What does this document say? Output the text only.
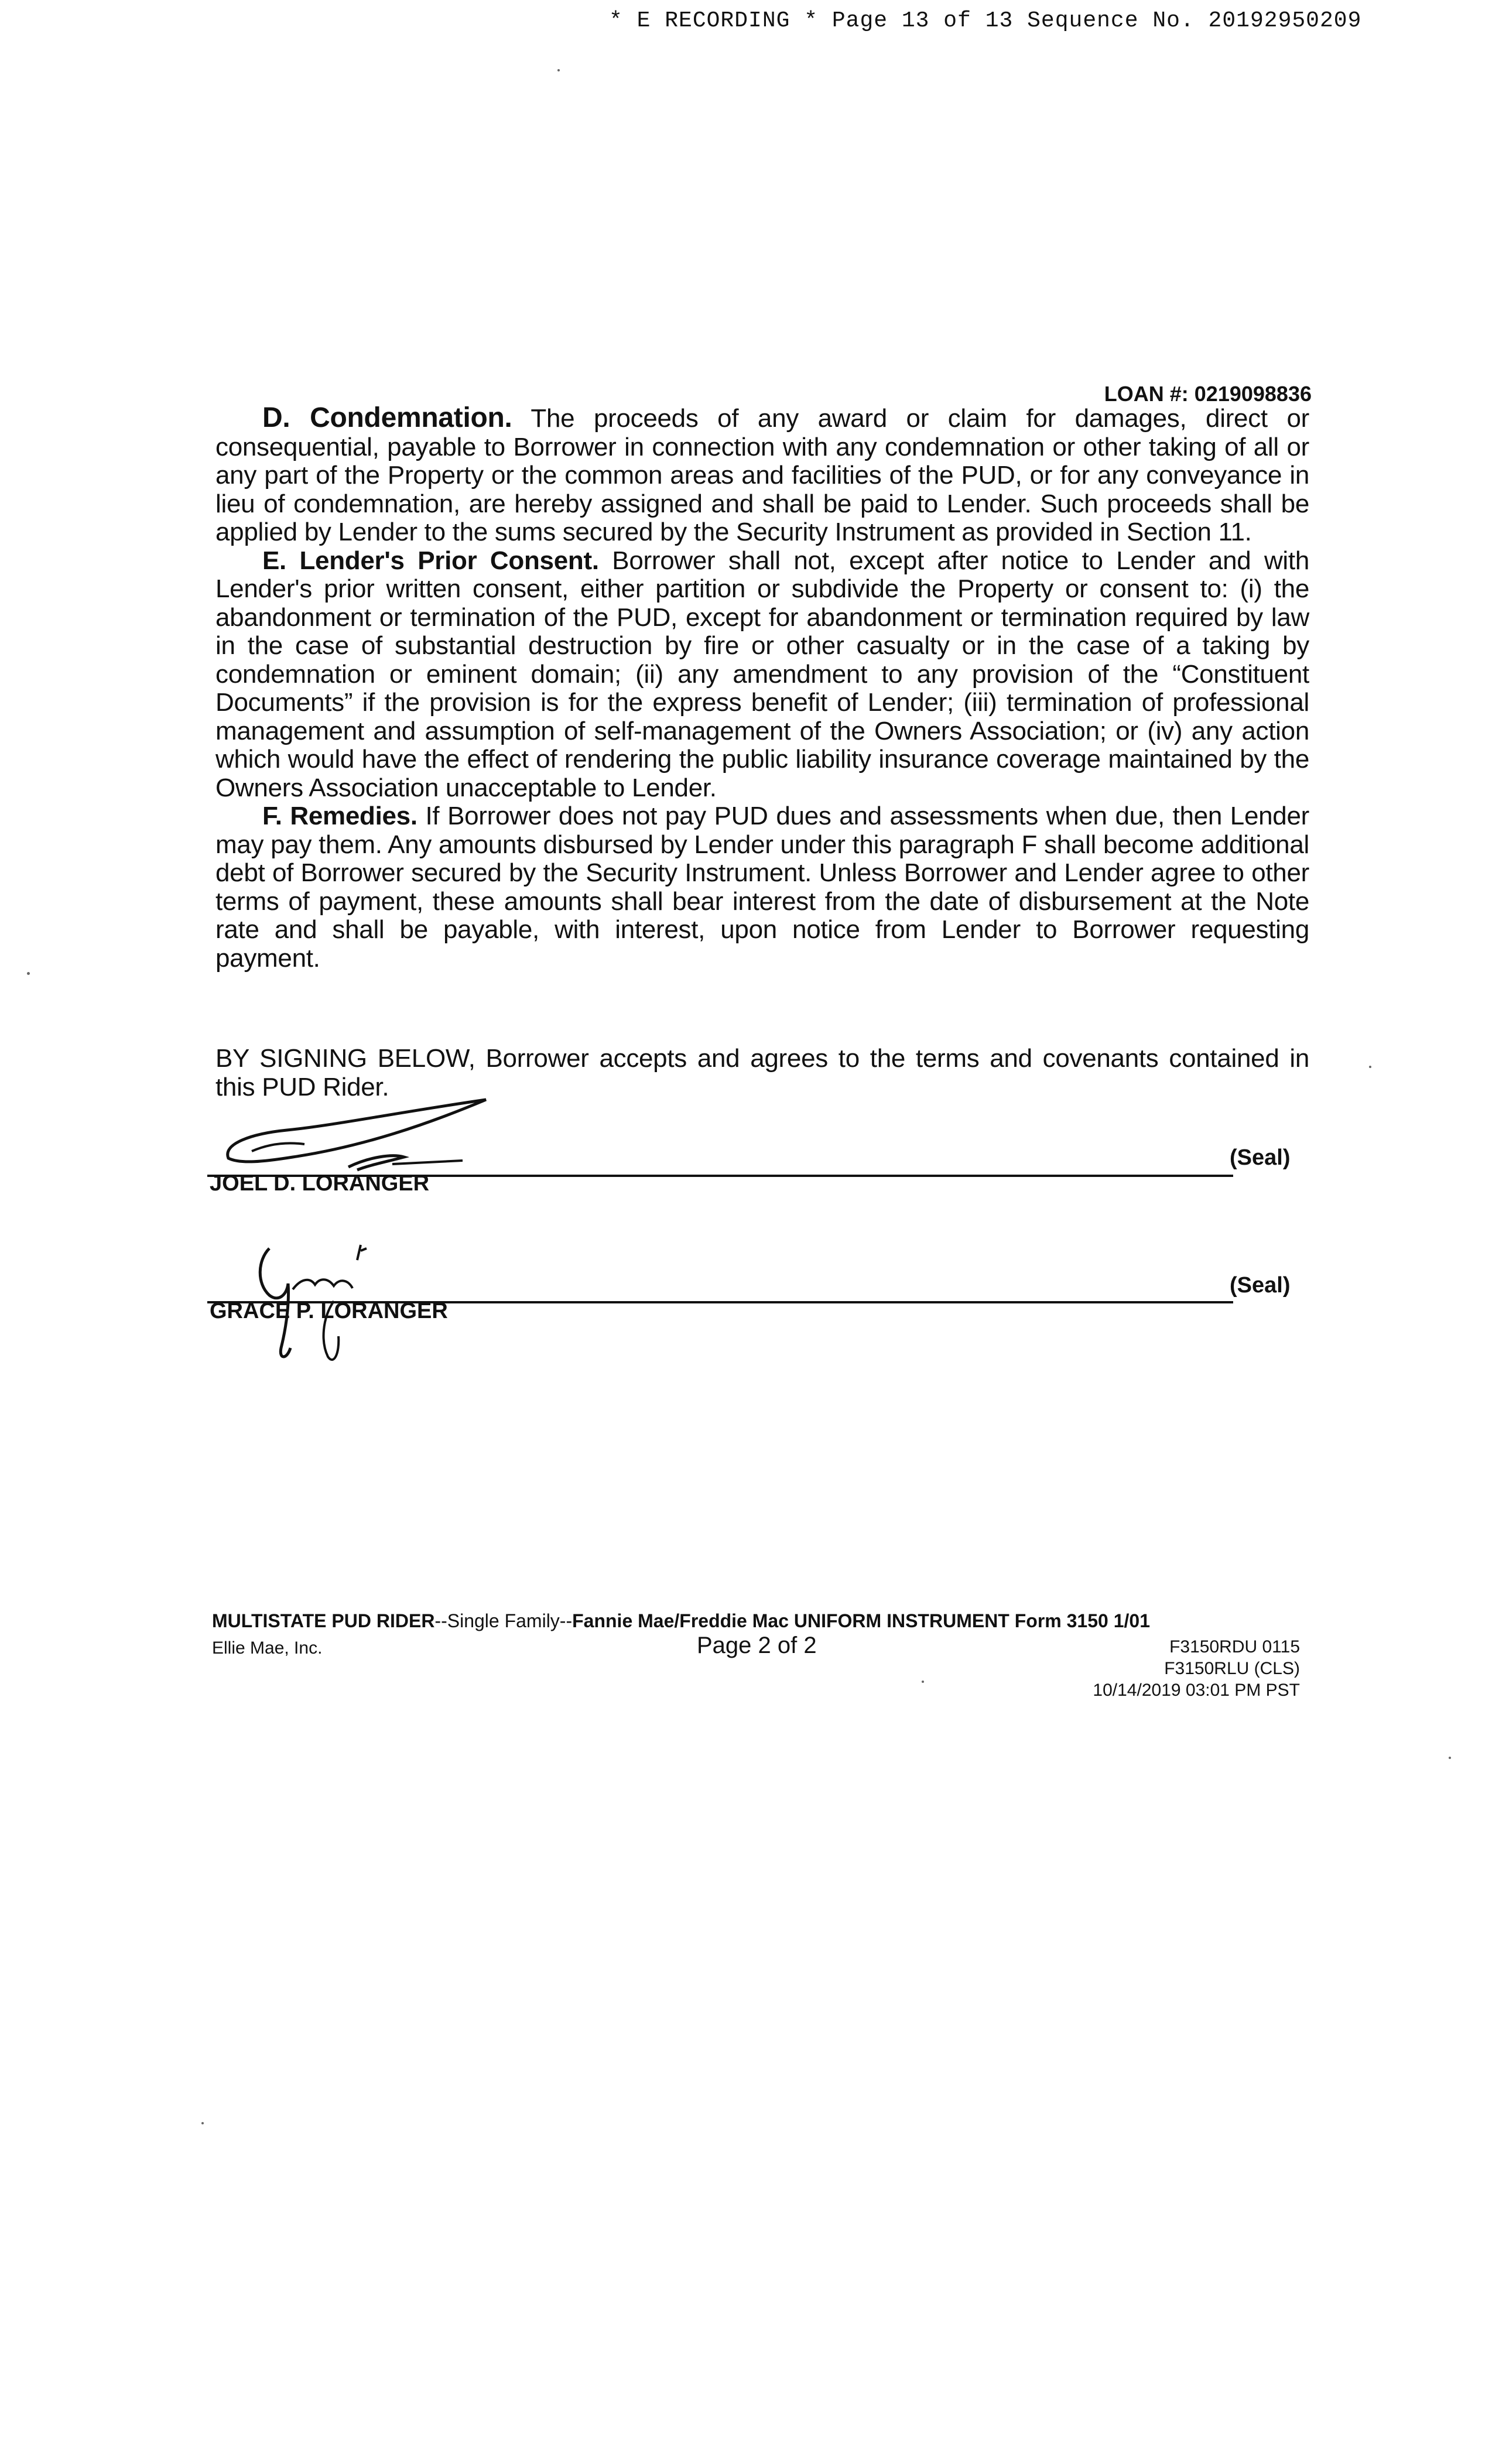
* E RECORDING * Page 13 of 13 Sequence No. 20192950209
LOAN #: 0219098836

D. Condemnation. The proceeds of any award or claim for damages, direct or consequential, payable to Borrower in connection with any condemnation or other taking of all or any part of the Property or the common areas and facilities of the PUD, or for any conveyance in lieu of condemnation, are hereby assigned and shall be paid to Lender. Such proceeds shall be applied by Lender to the sums secured by the Security Instrument as provided in Section 11.

E. Lender's Prior Consent. Borrower shall not, except after notice to Lender and with Lender's prior written consent, either partition or subdivide the Property or consent to: (i) the abandonment or termination of the PUD, except for abandonment or termination required by law in the case of substantial destruction by fire or other casualty or in the case of a taking by condemnation or eminent domain; (ii) any amendment to any provision of the “Constituent Documents” if the provision is for the express benefit of Lender; (iii) termination of professional management and assumption of self-management of the Owners Association; or (iv) any action which would have the effect of rendering the public liability insurance coverage maintained by the Owners Association unacceptable to Lender.

F. Remedies. If Borrower does not pay PUD dues and assessments when due, then Lender may pay them. Any amounts disbursed by Lender under this paragraph F shall become additional debt of Borrower secured by the Security Instrument. Unless Borrower and Lender agree to other terms of payment, these amounts shall bear interest from the date of disbursement at the Note rate and shall be payable, with interest, upon notice from Lender to Borrower requesting payment.

BY SIGNING BELOW, Borrower accepts and agrees to the terms and covenants contained in this PUD Rider.
(Seal)
JOEL D. LORANGER
(Seal)
GRACE P. LORANGER
MULTISTATE PUD RIDER--Single Family--Fannie Mae/Freddie Mac UNIFORM INSTRUMENT Form 3150 1/01
Ellie Mae, Inc.	Page 2 of 2	F3150RDU 0115
F3150RLU (CLS)
10/14/2019 03:01 PM PST
